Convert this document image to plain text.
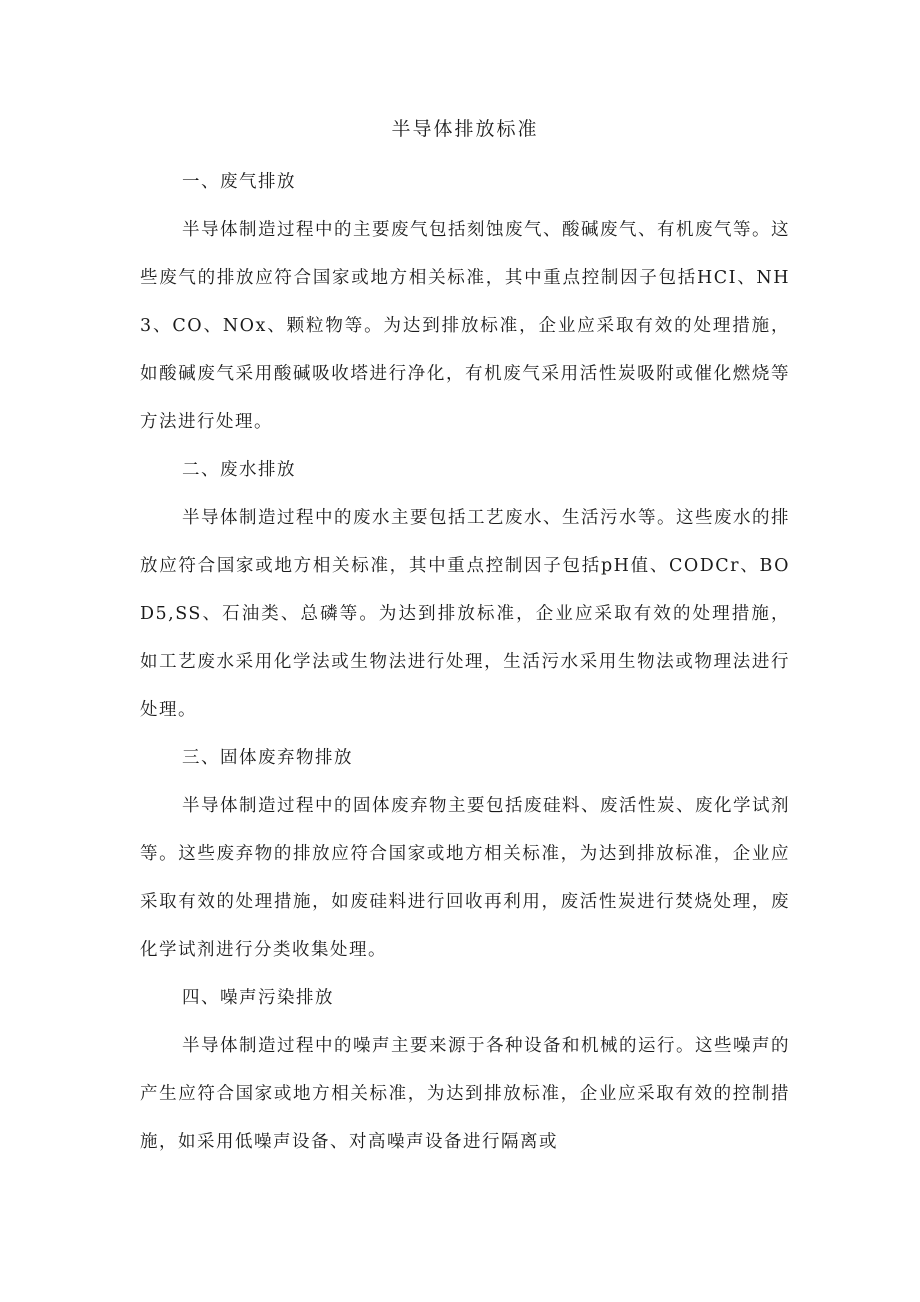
半导体排放标准
一、废气排放

半导体制造过程中的主要废气包括刻蚀废气、酸碱废气、有机废气等。这些废气的排放应符合国家或地方相关标准，其中重点控制因子包括HCI、NH3、CO、NOx、颗粒物等。为达到排放标准，企业应采取有效的处理措施，如酸碱废气采用酸碱吸收塔进行净化，有机废气采用活性炭吸附或催化燃烧等方法进行处理。

二、废水排放

半导体制造过程中的废水主要包括工艺废水、生活污水等。这些废水的排放应符合国家或地方相关标准，其中重点控制因子包括pH值、CODCr、BOD5,SS、石油类、总磷等。为达到排放标准，企业应采取有效的处理措施，如工艺废水采用化学法或生物法进行处理，生活污水采用生物法或物理法进行处理。

三、固体废弃物排放

半导体制造过程中的固体废弃物主要包括废硅料、废活性炭、废化学试剂等。这些废弃物的排放应符合国家或地方相关标准，为达到排放标准，企业应采取有效的处理措施，如废硅料进行回收再利用，废活性炭进行焚烧处理，废化学试剂进行分类收集处理。

四、噪声污染排放

半导体制造过程中的噪声主要来源于各种设备和机械的运行。这些噪声的产生应符合国家或地方相关标准，为达到排放标准，企业应采取有效的控制措施，如采用低噪声设备、对高噪声设备进行隔离或
